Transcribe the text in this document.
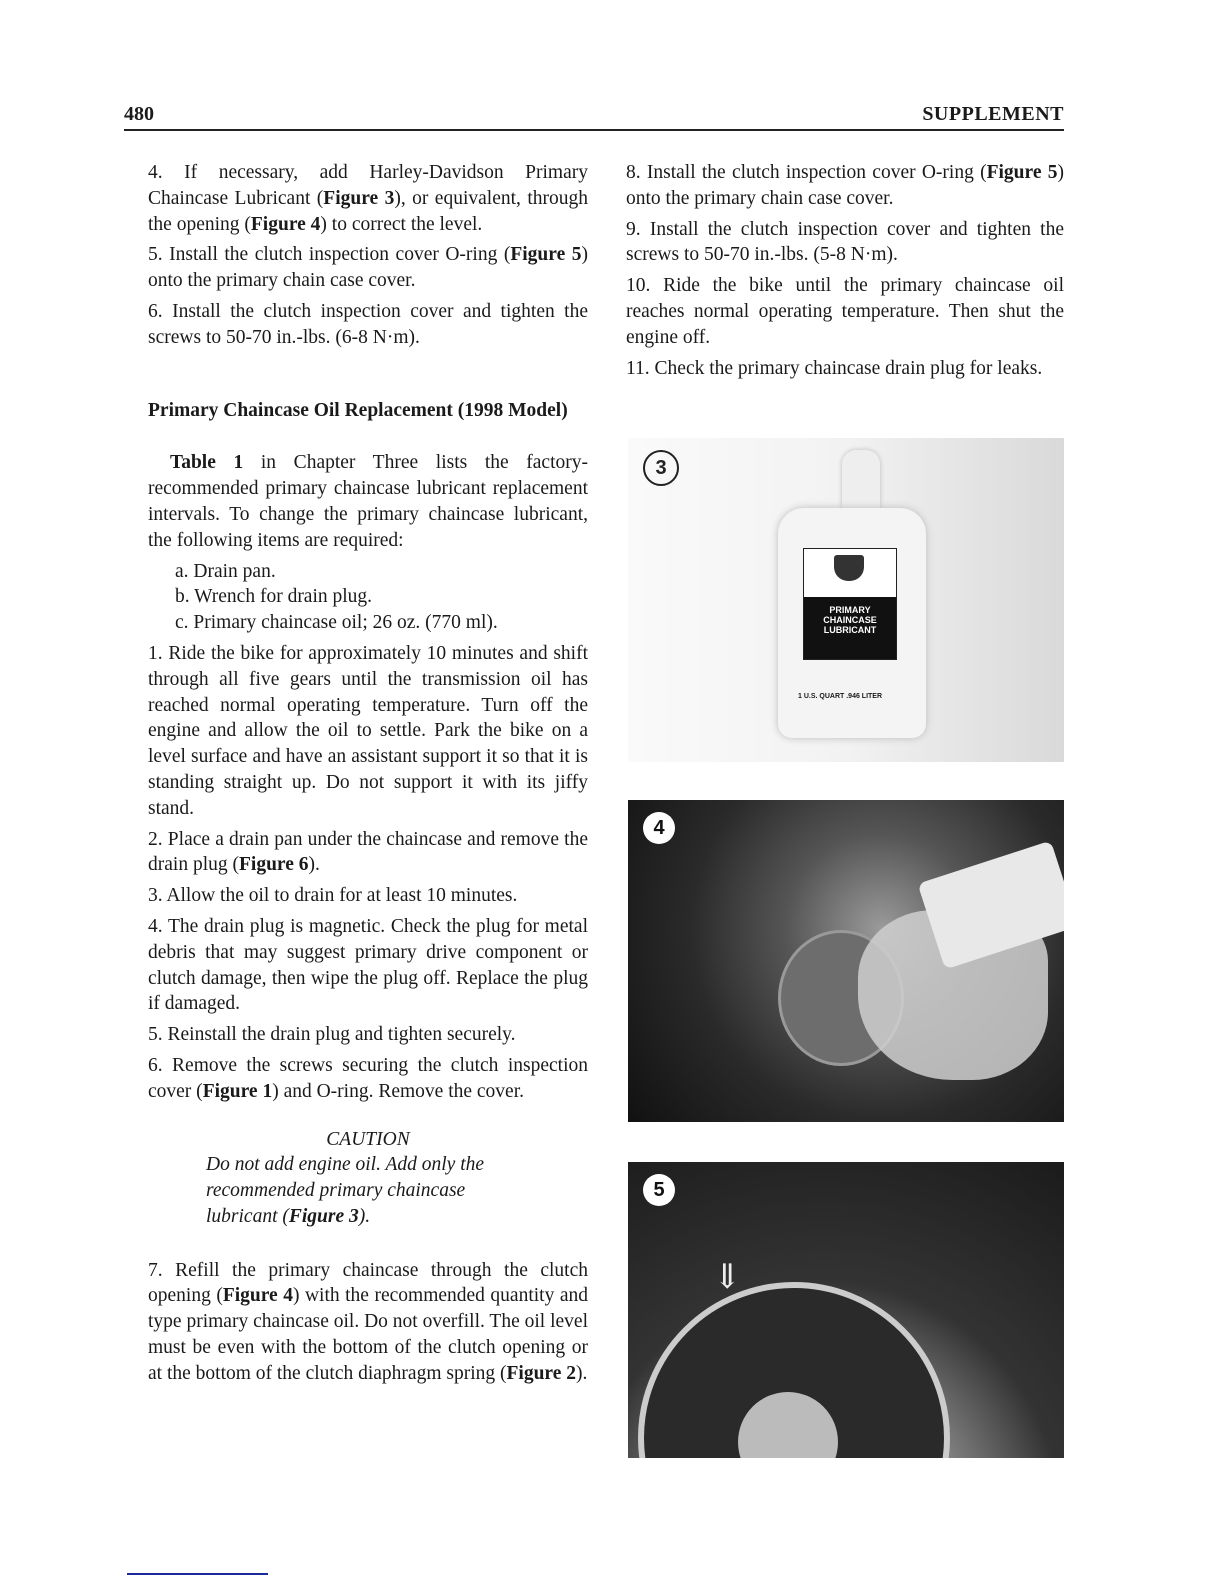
480	SUPPLEMENT
4. If necessary, add Harley-Davidson Primary Chaincase Lubricant (Figure 3), or equivalent, through the opening (Figure 4) to correct the level.
5. Install the clutch inspection cover O-ring (Figure 5) onto the primary chain case cover.
6. Install the clutch inspection cover and tighten the screws to 50-70 in.-lbs. (6-8 N·m).
Primary Chaincase Oil Replacement (1998 Model)
Table 1 in Chapter Three lists the factory-recommended primary chaincase lubricant replacement intervals. To change the primary chaincase lubricant, the following items are required:
a. Drain pan.
b. Wrench for drain plug.
c. Primary chaincase oil; 26 oz. (770 ml).
1. Ride the bike for approximately 10 minutes and shift through all five gears until the transmission oil has reached normal operating temperature. Turn off the engine and allow the oil to settle. Park the bike on a level surface and have an assistant support it so that it is standing straight up. Do not support it with its jiffy stand.
2. Place a drain pan under the chaincase and remove the drain plug (Figure 6).
3. Allow the oil to drain for at least 10 minutes.
4. The drain plug is magnetic. Check the plug for metal debris that may suggest primary drive component or clutch damage, then wipe the plug off. Replace the plug if damaged.
5. Reinstall the drain plug and tighten securely.
6. Remove the screws securing the clutch inspection cover (Figure 1) and O-ring. Remove the cover.
CAUTION
Do not add engine oil. Add only the recommended primary chaincase lubricant (Figure 3).
7. Refill the primary chaincase through the clutch opening (Figure 4) with the recommended quantity and type primary chaincase oil. Do not overfill. The oil level must be even with the bottom of the clutch opening or at the bottom of the clutch diaphragm spring (Figure 2).
8. Install the clutch inspection cover O-ring (Figure 5) onto the primary chain case cover.
9. Install the clutch inspection cover and tighten the screws to 50-70 in.-lbs. (5-8 N·m).
10. Ride the bike until the primary chaincase oil reaches normal operating temperature. Then shut the engine off.
11. Check the primary chaincase drain plug for leaks.
3
PRIMARY CHAINCASE LUBRICANT
1 U.S. QUART .946 LITER
4
⇓
5
